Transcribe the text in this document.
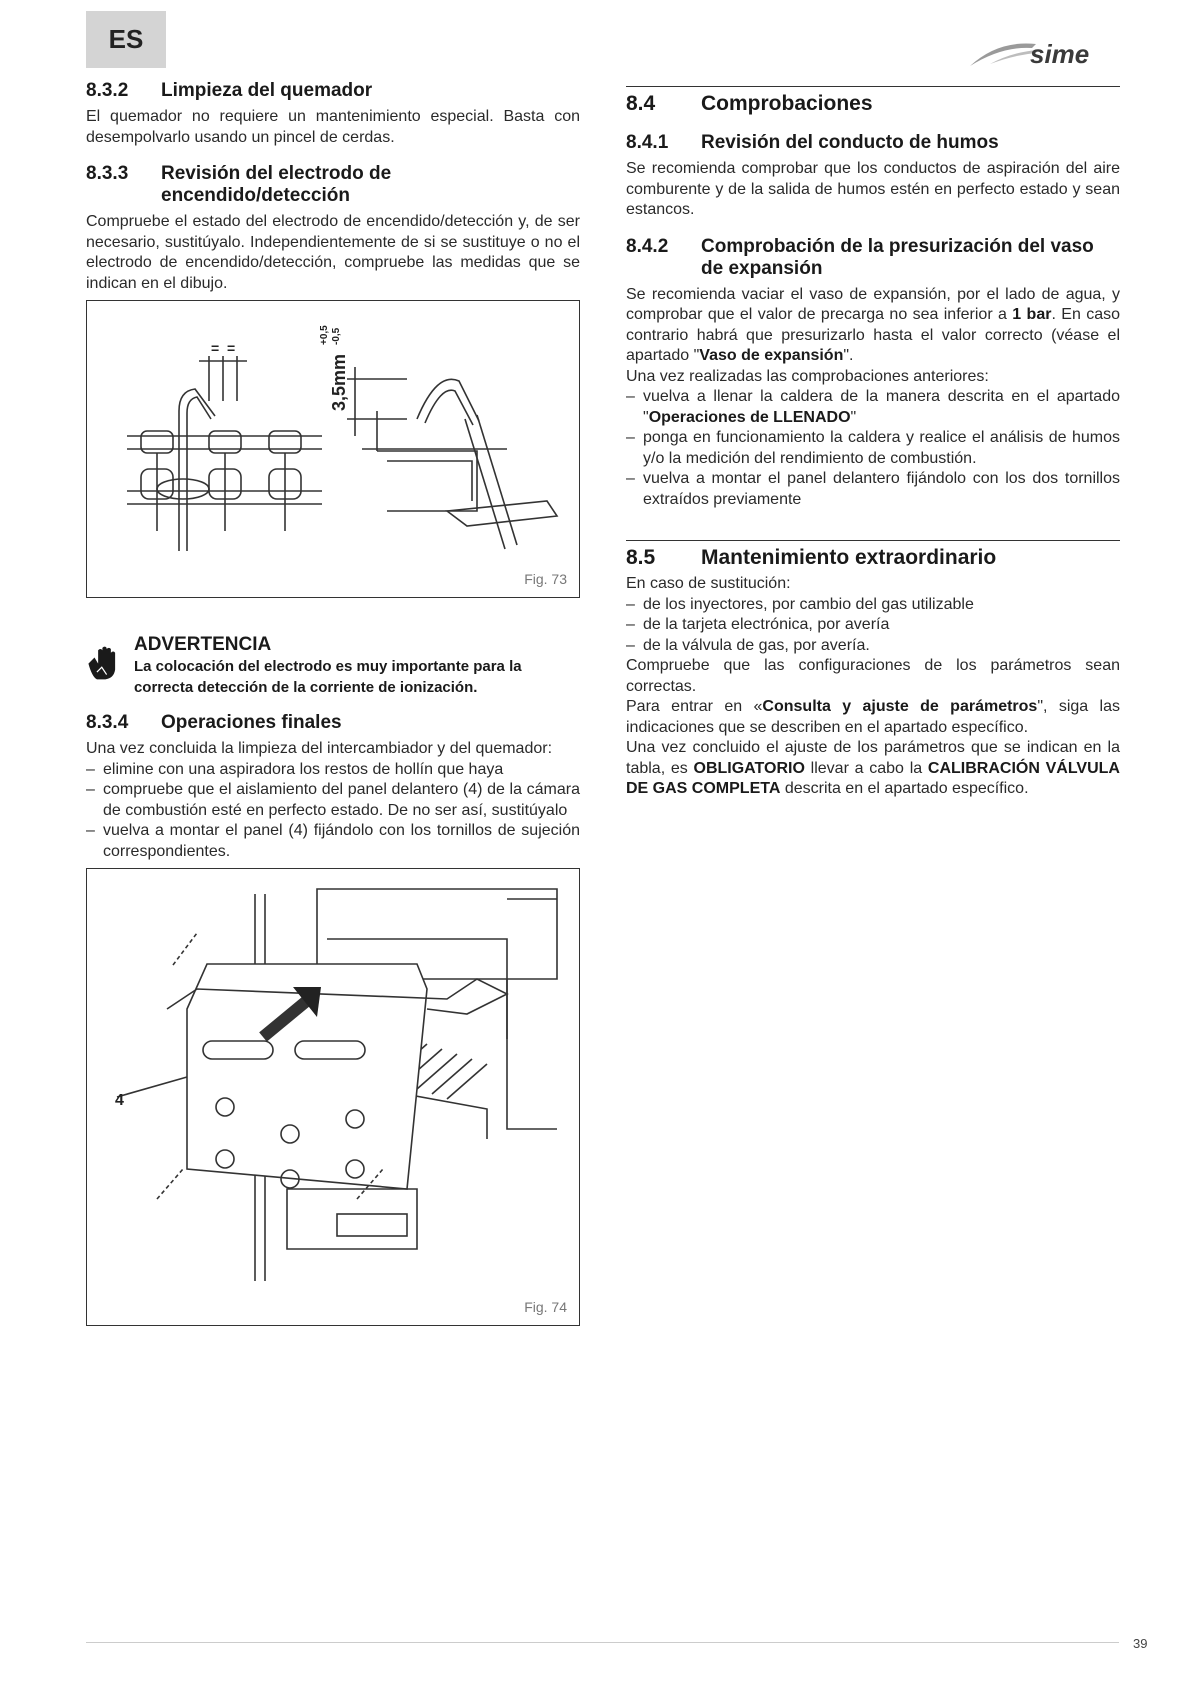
ES	sime
8.3.2	Limpieza del quemador

El quemador no requiere un mantenimiento especial. Basta con desempolvarlo usando un pincel de cerdas.

8.3.3	Revisión del electrodo de encendido/detección

Compruebe el estado del electrodo de encendido/detección y, de ser necesario, sustitúyalo. Independientemente de si se sustituye o no el electrodo de encendido/detección, compruebe las medidas que se indican en el dibujo.

= =
3,5mm
+0,5 -0,5
Fig. 73
ADVERTENCIA
La colocación del electrodo es muy importante para la correcta detección de la corriente de ionización.
8.3.4	Operaciones finales

Una vez concluida la limpieza del intercambiador y del quemador:

– elimine con una aspiradora los restos de hollín que haya
– compruebe que el aislamiento del panel delantero (4) de la cámara de combustión esté en perfecto estado. De no ser así, sustitúyalo
– vuelva a montar el panel (4) fijándolo con los tornillos de sujeción correspondientes.
4
Fig. 74
8.4	Comprobaciones
8.4.1	Revisión del conducto de humos

Se recomienda comprobar que los conductos de aspiración del aire comburente y de la salida de humos estén en perfecto estado y sean estancos.

8.4.2	Comprobación de la presurización del vaso de expansión

Se recomienda vaciar el vaso de expansión, por el lado de agua, y comprobar que el valor de precarga no sea inferior a 1 bar. En caso contrario habrá que presurizarlo hasta el valor correcto (véase el apartado "Vaso de expansión".

Una vez realizadas las comprobaciones anteriores:

– vuelva a llenar la caldera de la manera descrita en el apartado "Operaciones de LLENADO"
– ponga en funcionamiento la caldera y realice el análisis de humos y/o la medición del rendimiento de combustión.
– vuelva a montar el panel delantero fijándolo con los dos tornillos extraídos previamente
8.5	Mantenimiento extraordinario

En caso de sustitución:

– de los inyectores, por cambio del gas utilizable
– de la tarjeta electrónica, por avería
– de la válvula de gas, por avería.

Compruebe que las configuraciones de los parámetros sean correctas.

Para entrar en «Consulta y ajuste de parámetros", siga las indicaciones que se describen en el apartado específico.

Una vez concluido el ajuste de los parámetros que se indican en la tabla, es OBLIGATORIO llevar a cabo la CALIBRACIÓN VÁLVULA DE GAS COMPLETA descrita en el apartado específico.

39
